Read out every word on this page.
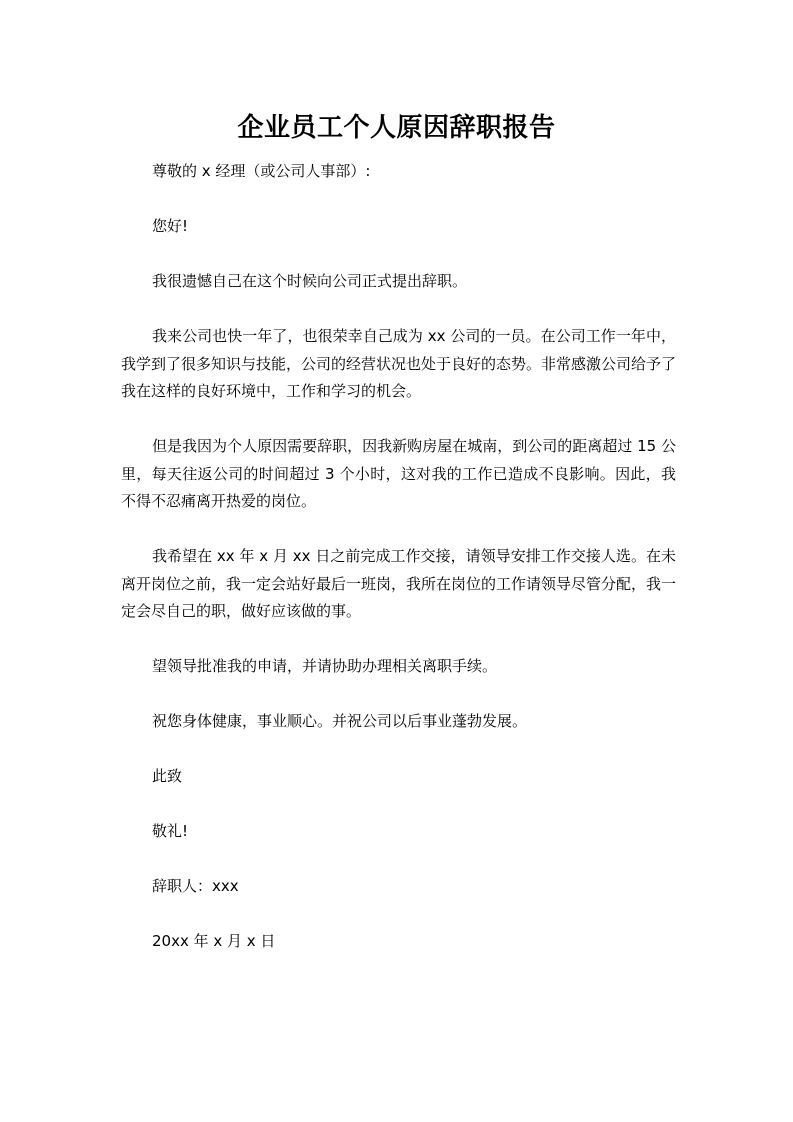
企业员工个人原因辞职报告

尊敬的 x 经理（或公司人事部）:

您好!

我很遗憾自己在这个时候向公司正式提出辞职。

我来公司也快一年了，也很荣幸自己成为 xx 公司的一员。在公司工作一年中，我学到了很多知识与技能，公司的经营状况也处于良好的态势。非常感激公司给予了我在这样的良好环境中，工作和学习的机会。

但是我因为个人原因需要辞职，因我新购房屋在城南，到公司的距离超过 15 公里，每天往返公司的时间超过 3 个小时，这对我的工作已造成不良影响。因此，我不得不忍痛离开热爱的岗位。

我希望在 xx 年 x 月 xx 日之前完成工作交接，请领导安排工作交接人选。在未离开岗位之前，我一定会站好最后一班岗，我所在岗位的工作请领导尽管分配，我一定会尽自己的职，做好应该做的事。

望领导批准我的申请，并请协助办理相关离职手续。

祝您身体健康，事业顺心。并祝公司以后事业蓬勃发展。

此致

敬礼!

辞职人：xxx

20xx 年 x 月 x 日
